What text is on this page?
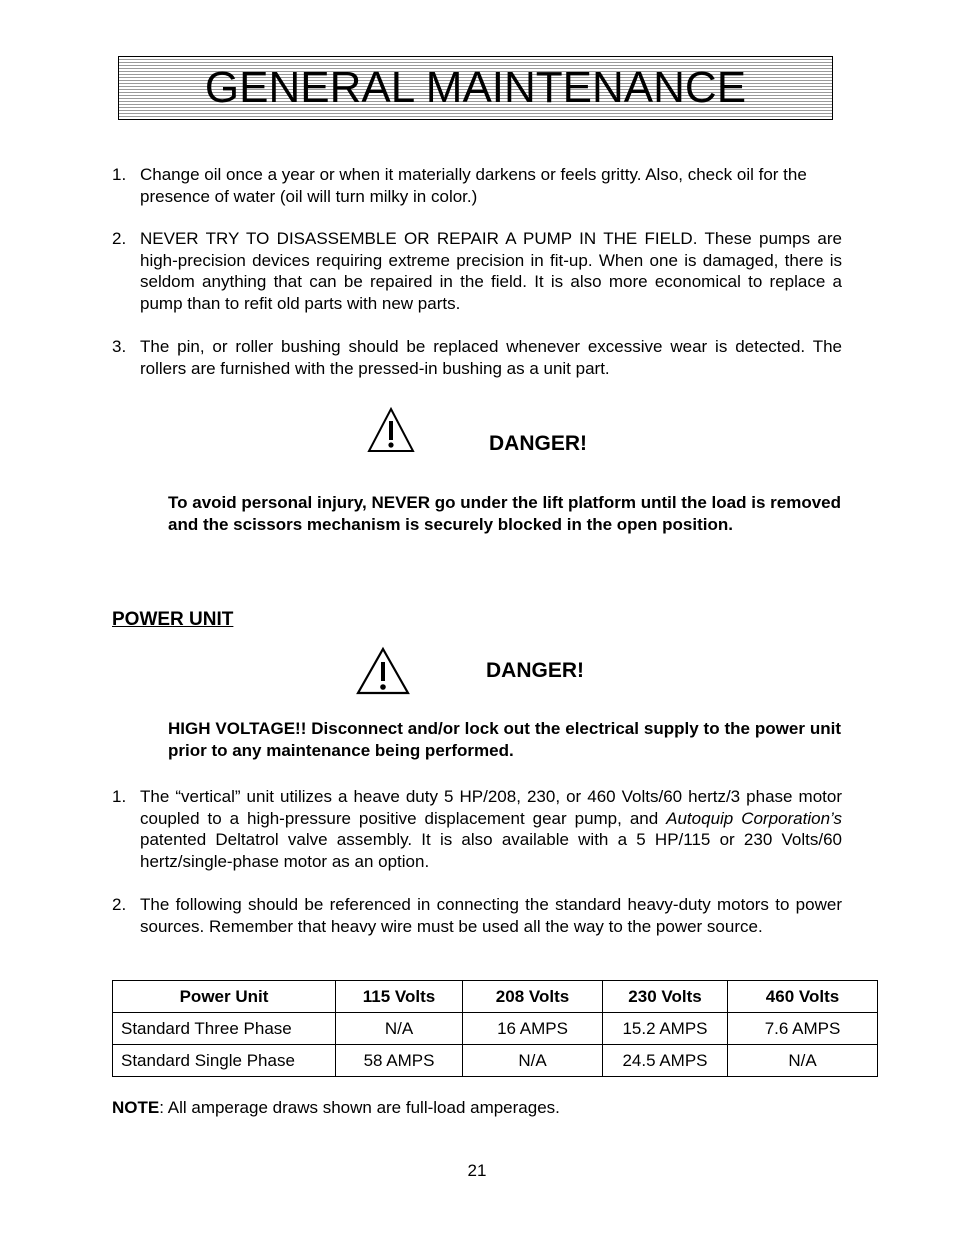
GENERAL MAINTENANCE
1. Change oil once a year or when it materially darkens or feels gritty. Also, check oil for the presence of water (oil will turn milky in color.)
2. NEVER TRY TO DISASSEMBLE OR REPAIR A PUMP IN THE FIELD. These pumps are high-precision devices requiring extreme precision in fit-up. When one is damaged, there is seldom anything that can be repaired in the field. It is also more economical to replace a pump than to refit old parts with new parts.
3. The pin, or roller bushing should be replaced whenever excessive wear is detected. The rollers are furnished with the pressed-in bushing as a unit part.
DANGER!
To avoid personal injury, NEVER go under the lift platform until the load is removed and the scissors mechanism is securely blocked in the open position.
POWER UNIT
DANGER!
HIGH VOLTAGE!! Disconnect and/or lock out the electrical supply to the power unit prior to any maintenance being performed.
1. The “vertical” unit utilizes a heave duty 5 HP/208, 230, or 460 Volts/60 hertz/3 phase motor coupled to a high-pressure positive displacement gear pump, and Autoquip Corporation’s patented Deltatrol valve assembly. It is also available with a 5 HP/115 or 230 Volts/60 hertz/single-phase motor as an option.
2. The following should be referenced in connecting the standard heavy-duty motors to power sources. Remember that heavy wire must be used all the way to the power source.
Power Unit	115 Volts	208 Volts	230 Volts	460 Volts
Standard Three Phase	N/A	16 AMPS	15.2 AMPS	7.6 AMPS
Standard Single Phase	58 AMPS	N/A	24.5 AMPS	N/A
NOTE: All amperage draws shown are full-load amperages.
21
